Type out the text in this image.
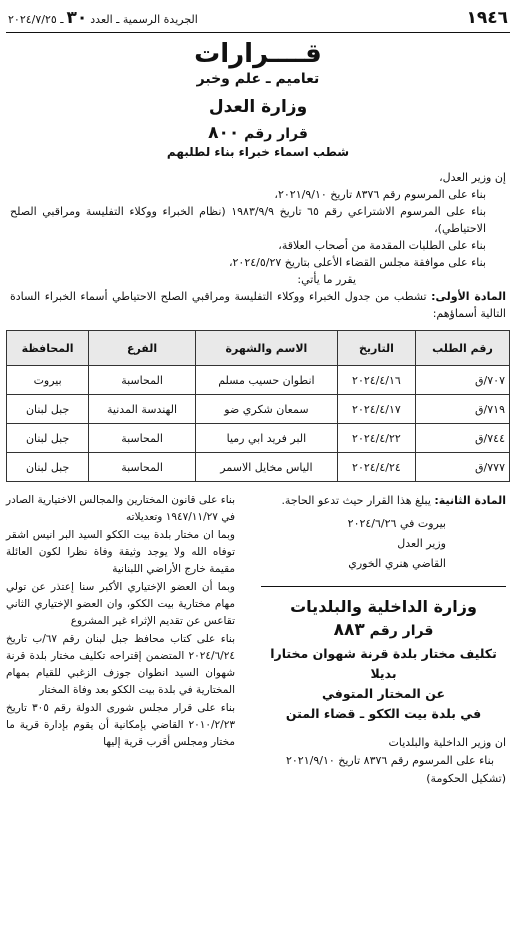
١٩٤٦
الجريدة الرسمية ـ العدد٣٠ـ ٢٠٢٤/٧/٢٥
قــــرارات
تعاميم ـ علم وخبر
وزارة العدل
قرار رقم ٨٠٠
شطب اسماء خبراء بناء لطلبهم
إن وزير العدل،
بناء على المرسوم رقم ٨٣٧٦ تاريخ ٢٠٢١/٩/١٠،
بناء على المرسوم الاشتراعي رقم ٦٥ تاريخ ١٩٨٣/٩/٩ (نظام الخبراء ووكلاء التفليسة ومراقبي الصلح الاحتياطي)،
بناء على الطلبات المقدمة من أصحاب العلاقة،
بناء على موافقة مجلس القضاء الأعلى بتاريخ ٢٠٢٤/٥/٢٧،
يقرر ما يأتي:
المادة الأولى: تشطب من جدول الخبراء ووكلاء التفليسة ومراقبي الصلح الاحتياطي أسماء الخبراء السادة التالية أسماؤهم:
رقم الطلب	التاريخ	الاسم والشهرة	الفرع	المحافظة
٧٠٧/ق	٢٠٢٤/٤/١٦	انطوان حسيب مسلم	المحاسبة	بيروت
٧١٩/ق	٢٠٢٤/٤/١٧	سمعان شكري ضو	الهندسة المدنية	جبل لبنان
٧٤٤/ق	٢٠٢٤/٤/٢٢	البر فريد ابي رميا	المحاسبة	جبل لبنان
٧٧٧/ق	٢٠٢٤/٤/٢٤	الياس مخايل الاسمر	المحاسبة	جبل لبنان

المادة الثانية: يبلغ هذا القرار حيث تدعو الحاجة.

بيروت في ٢٠٢٤/٦/٢٦
وزير العدل
القاضي هنري الخوري
وزارة الداخلية والبلديات
قرار رقم ٨٨٣
تكليف مختار بلدة قرنة شهوان مختارا بديلا
عن المختار المتوفي
في بلدة بيت الككو ـ قضاء المتن

ان وزير الداخلية والبلديات

بناء على المرسوم رقم ٨٣٧٦ تاريخ ٢٠٢١/٩/١٠

(تشكيل الحكومة)

بناء على قانون المختارين والمجالس الاختيارية الصادر في ١٩٤٧/١١/٢٧ وتعديلاته

وبما ان مختار بلدة بيت الككو السيد البر انيس اشقر توفاه الله ولا يوجد وثيقة وفاة نظرا لكون العائلة مقيمة خارج الأراضي اللبنانية

وبما أن العضو الإختياري الأكبر سنا إعتذر عن تولي مهام مختارية بيت الككو، وان العضو الإختياري الثاني تقاعس عن تقديم الإثراء غير المشروع

بناء على كتاب محافظ جبل لبنان رقم ٦٧/ب تاريخ ٢٠٢٤/٦/٢٤ المتضمن إقتراحه تكليف مختار بلدة قرنة شهوان السيد انطوان جوزف الزغبي للقيام بمهام المختارية في بلدة بيت الككو بعد وفاة المختار

بناء على قرار مجلس شورى الدولة رقم ٣٠٥ تاريخ ٢٠١٠/٢/٢٣ القاضي بإمكانية أن يقوم بإدارة قرية ما مختار ومجلس أقرب قرية إليها
